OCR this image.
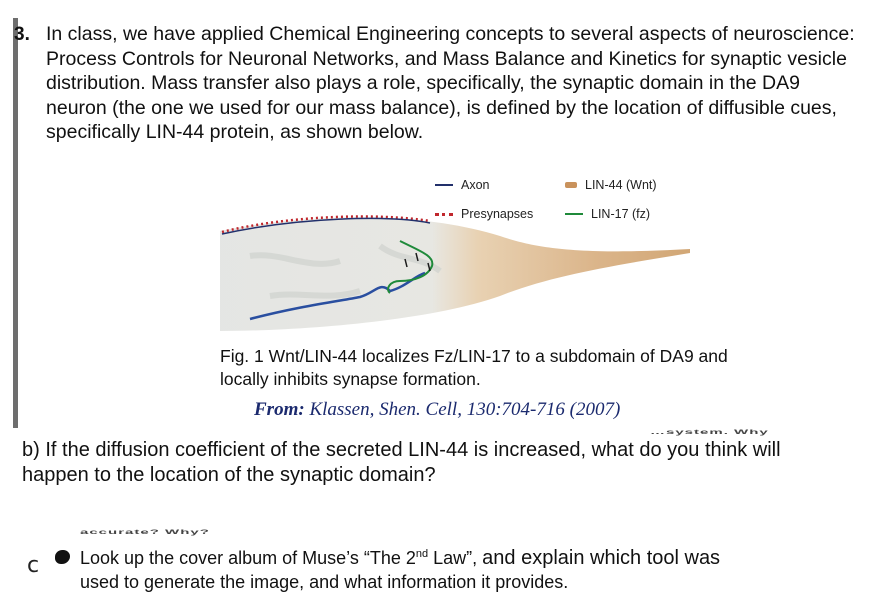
3. In class, we have applied Chemical Engineering concepts to several aspects of neuroscience: Process Controls for Neuronal Networks, and Mass Balance and Kinetics for synaptic vesicle distribution. Mass transfer also plays a role, specifically, the synaptic domain in the DA9 neuron (the one we used for our mass balance), is defined by the location of diffusible cues, specifically LIN-44 protein, as shown below.
Axon	LIN-44 (Wnt)
Presynapses	LIN-17 (fz)
Fig. 1 Wnt/LIN-44 localizes Fz/LIN-17 to a subdomain of DA9 and locally inhibits synapse formation.
From: Klassen, Shen. Cell, 130:704-716 (2007)
…system. Why
b) If the diffusion coefficient of the secreted LIN-44 is increased, what do you think will happen to the location of the synaptic domain?
accurate? Why?
c Look up the cover album of Muse’s “The 2nd Law”, and explain which tool was
used to generate the image, and what information it provides.
